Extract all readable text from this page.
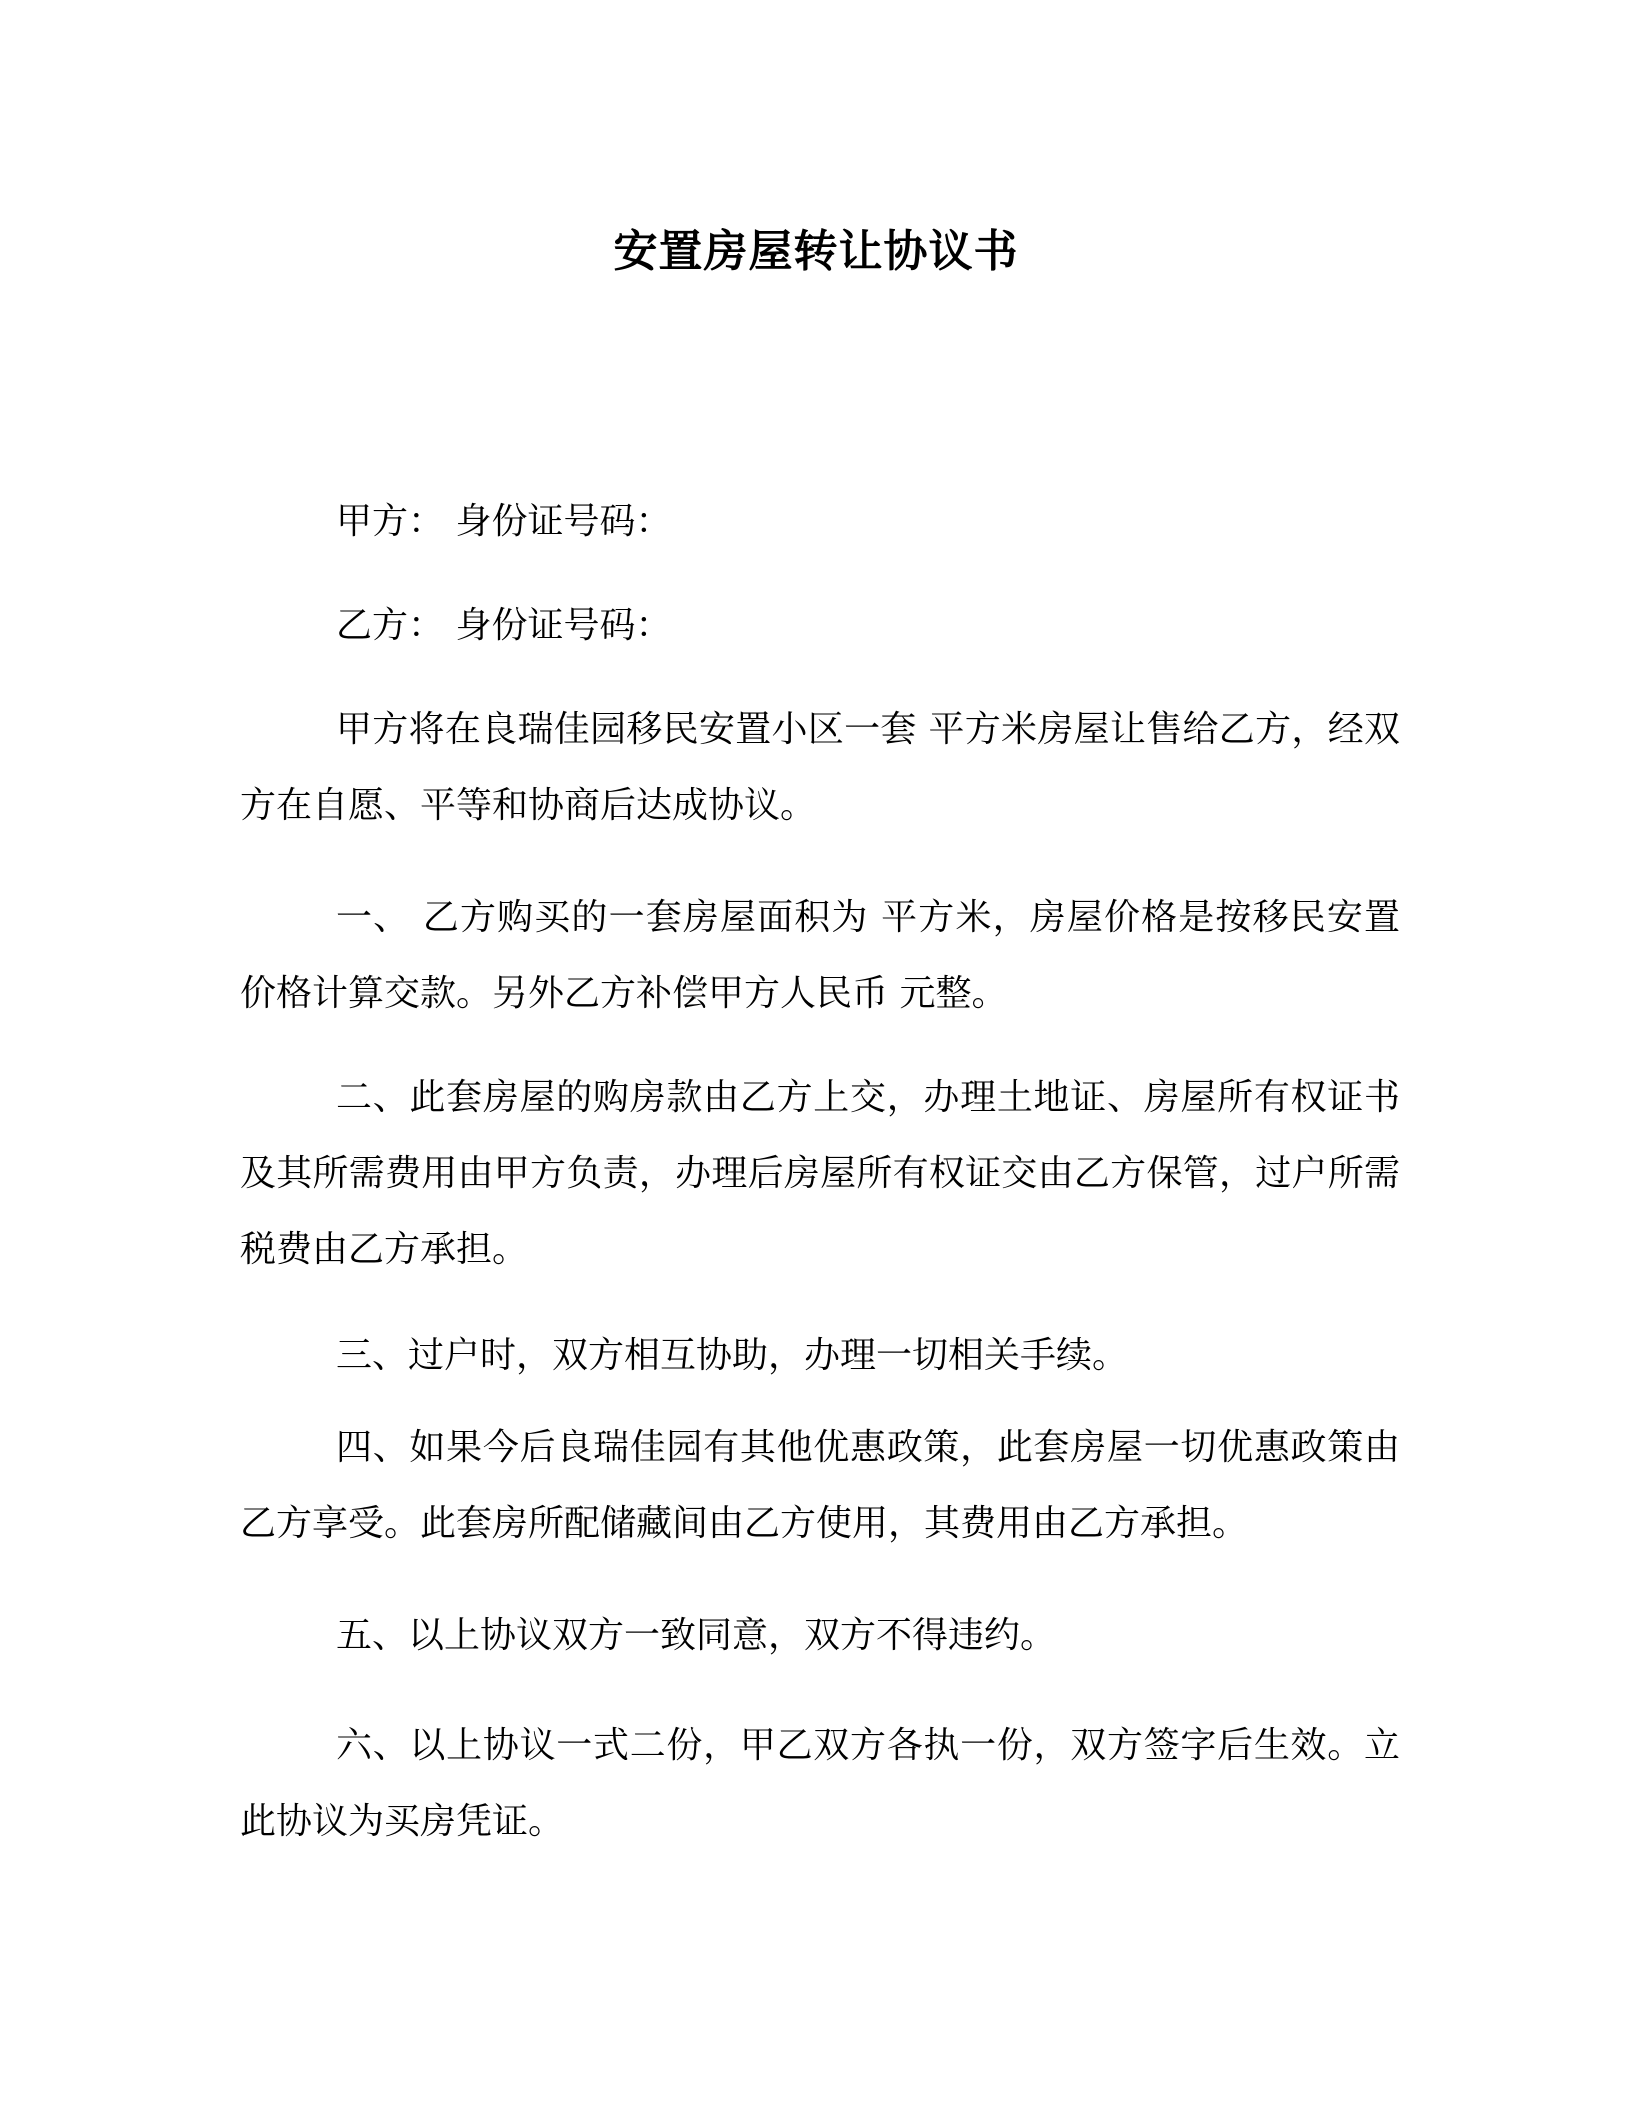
安置房屋转让协议书

甲方： 身份证号码：

乙方： 身份证号码：

甲方将在良瑞佳园移民安置小区一套 平方米房屋让售给乙方，经双方在自愿、平等和协商后达成协议。

一、 乙方购买的一套房屋面积为 平方米，房屋价格是按移民安置价格计算交款。另外乙方补偿甲方人民币 元整。

二、此套房屋的购房款由乙方上交，办理土地证、房屋所有权证书及其所需费用由甲方负责，办理后房屋所有权证交由乙方保管，过户所需税费由乙方承担。

三、过户时，双方相互协助，办理一切相关手续。

四、如果今后良瑞佳园有其他优惠政策，此套房屋一切优惠政策由乙方享受。此套房所配储藏间由乙方使用，其费用由乙方承担。

五、以上协议双方一致同意，双方不得违约。

六、以上协议一式二份，甲乙双方各执一份，双方签字后生效。立此协议为买房凭证。
